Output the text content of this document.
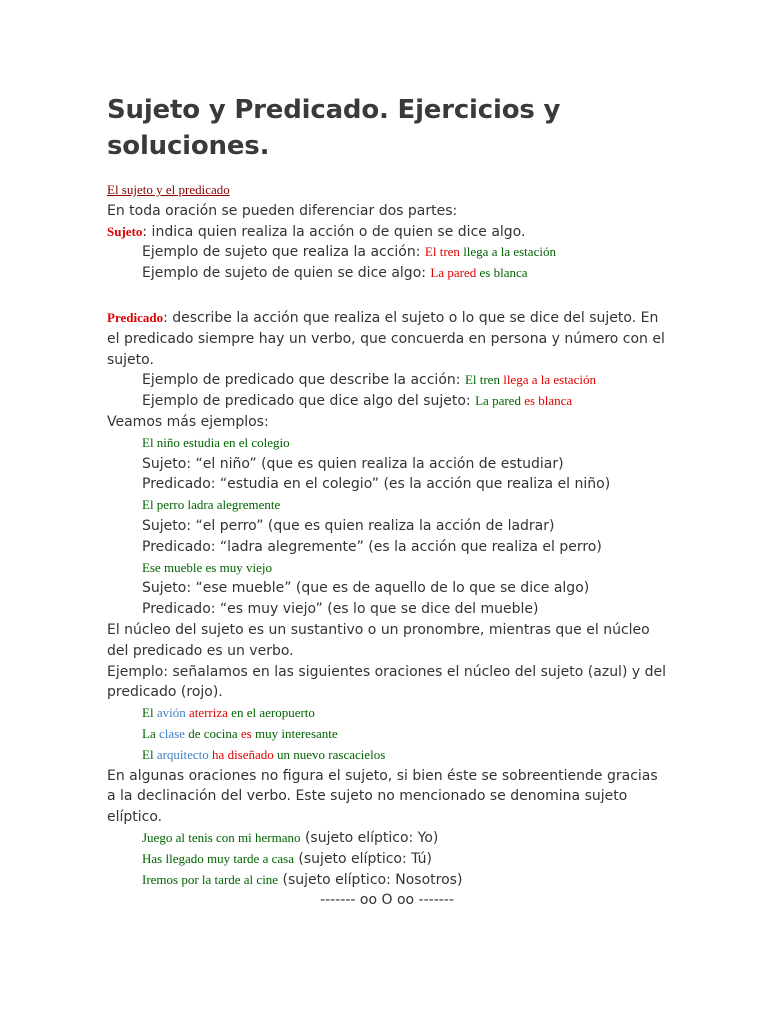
Sujeto y Predicado. Ejercicios y soluciones.
El sujeto y el predicado
En toda oración se pueden diferenciar dos partes:
Sujeto: indica quien realiza la acción o de quien se dice algo.
Ejemplo de sujeto que realiza la acción: El tren llega a la estación
Ejemplo de sujeto de quien se dice algo: La pared es blanca
Predicado: describe la acción que realiza el sujeto o lo que se dice del sujeto. En el predicado siempre hay un verbo, que concuerda en persona y número con el sujeto.
Ejemplo de predicado que describe la acción: El tren llega a la estación
Ejemplo de predicado que dice algo del sujeto: La pared es blanca
Veamos más ejemplos:
El niño estudia en el colegio
Sujeto: “el niño” (que es quien realiza la acción de estudiar)
Predicado: “estudia en el colegio” (es la acción que realiza el niño)
El perro ladra alegremente
Sujeto: “el perro” (que es quien realiza la acción de ladrar)
Predicado: “ladra alegremente” (es la acción que realiza el perro)
Ese mueble es muy viejo
Sujeto: “ese mueble” (que es de aquello de lo que se dice algo)
Predicado: “es muy viejo” (es lo que se dice del mueble)
El núcleo del sujeto es un sustantivo o un pronombre, mientras que el núcleo del predicado es un verbo.
Ejemplo: señalamos en las siguientes oraciones el núcleo del sujeto (azul) y del predicado (rojo).
El avión aterriza en el aeropuerto
La clase de cocina es muy interesante
El arquitecto ha diseñado un nuevo rascacielos
En algunas oraciones no figura el sujeto, si bien éste se sobreentiende gracias a la declinación del verbo. Este sujeto no mencionado se denomina sujeto elíptico.
Juego al tenis con mi hermano (sujeto elíptico: Yo)
Has llegado muy tarde a casa (sujeto elíptico: Tú)
Iremos por la tarde al cine (sujeto elíptico: Nosotros)
------- oo O oo -------
